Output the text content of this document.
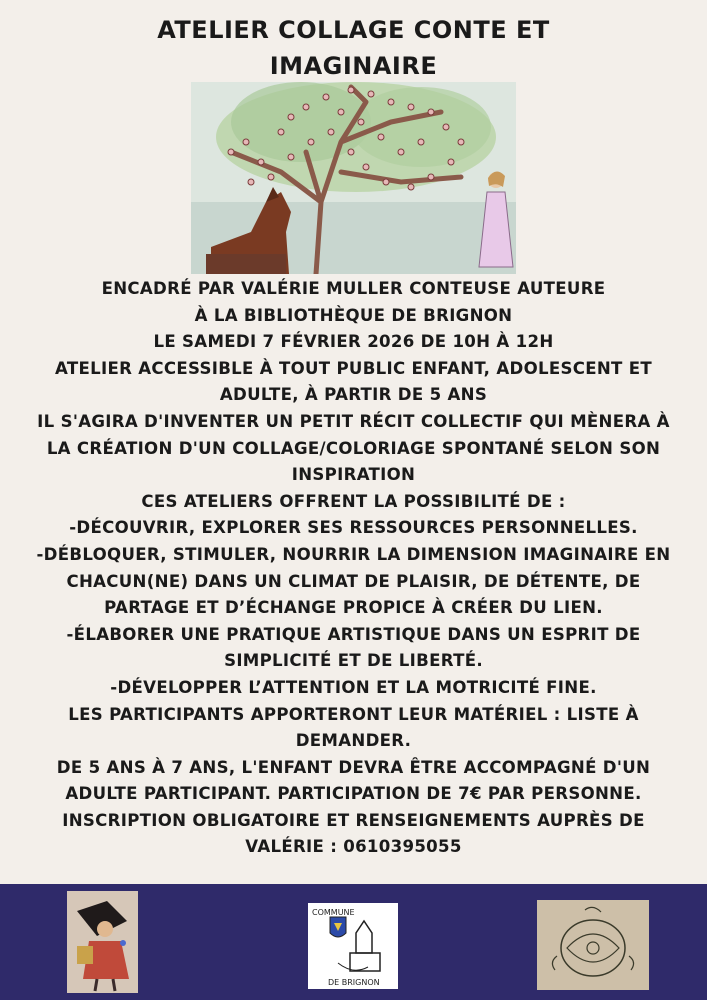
ATELIER COLLAGE CONTE ET
IMAGINAIRE
ENCADRÉ PAR VALÉRIE MULLER CONTEUSE AUTEURE
À LA BIBLIOTHÈQUE DE BRIGNON
LE SAMEDI 7 FÉVRIER 2026 DE 10H À 12H
ATELIER ACCESSIBLE À TOUT PUBLIC ENFANT, ADOLESCENT ET
ADULTE, À PARTIR DE 5 ANS
IL S'AGIRA D'INVENTER UN PETIT RÉCIT COLLECTIF QUI MÈNERA À
LA CRÉATION D'UN COLLAGE/COLORIAGE SPONTANÉ SELON SON
INSPIRATION
CES ATELIERS OFFRENT LA POSSIBILITÉ DE :
-DÉCOUVRIR, EXPLORER SES RESSOURCES PERSONNELLES.
-DÉBLOQUER, STIMULER, NOURRIR LA DIMENSION IMAGINAIRE EN
CHACUN(NE) DANS UN CLIMAT DE PLAISIR, DE DÉTENTE, DE
PARTAGE ET D’ÉCHANGE PROPICE À CRÉER DU LIEN.
-ÉLABORER UNE PRATIQUE ARTISTIQUE DANS UN ESPRIT DE
SIMPLICITÉ ET DE LIBERTÉ.
-DÉVELOPPER L’ATTENTION ET LA MOTRICITÉ FINE.
LES PARTICIPANTS APPORTERONT LEUR MATÉRIEL : LISTE À
DEMANDER.
DE 5 ANS À 7 ANS, L'ENFANT DEVRA ÊTRE ACCOMPAGNÉ D'UN
ADULTE PARTICIPANT. PARTICIPATION DE 7€ PAR PERSONNE.
INSCRIPTION OBLIGATOIRE ET RENSEIGNEMENTS AUPRÈS DE
VALÉRIE : 0610395055
COMMUNE
DE BRIGNON
